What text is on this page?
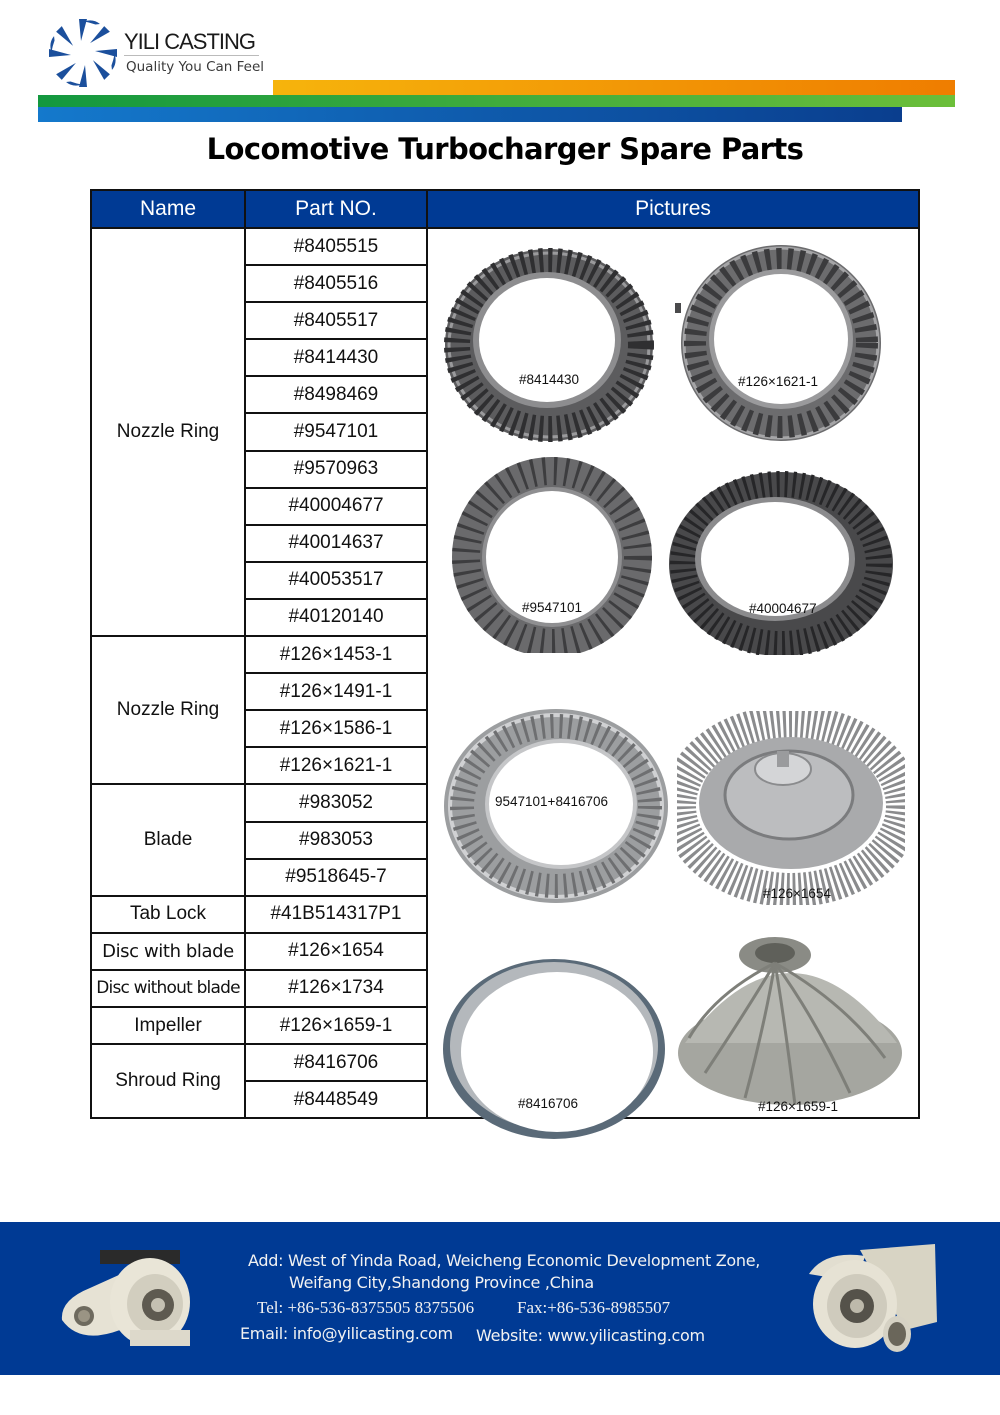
YILI CASTING
Quality You Can Feel
Locomotive Turbocharger Spare Parts
Name	Part NO.	Pictures
Nozzle Ring	#8405515	
	#8405516	
	#8405517	
	#8414430	
	#8498469	
	#9547101	
	#9570963	
	#40004677	
	#40014637	
	#40053517	
	#40120140	
Nozzle Ring	#126×1453-1	
	#126×1491-1	
	#126×1586-1	
	#126×1621-1	
Blade	#983052	
	#983053	
	#9518645-7	
Tab Lock	#41B514317P1	
Disc with blade	#126×1654	
Disc without blade	#126×1734	
Impeller	#126×1659-1	
Shroud Ring	#8416706	
	#8448549	
#8414430	#126×1621-1
#9547101	#40004677
9547101+8416706
#126×1654
#8416706	#126×1659-1
Add: West of Yinda Road, Weicheng Economic Development Zone,
Weifang City,Shandong Province ,China
Tel: +86-536-8375505 8375506	Fax:+86-536-8985507
Email: info@yilicasting.com Website: www.yilicasting.com
